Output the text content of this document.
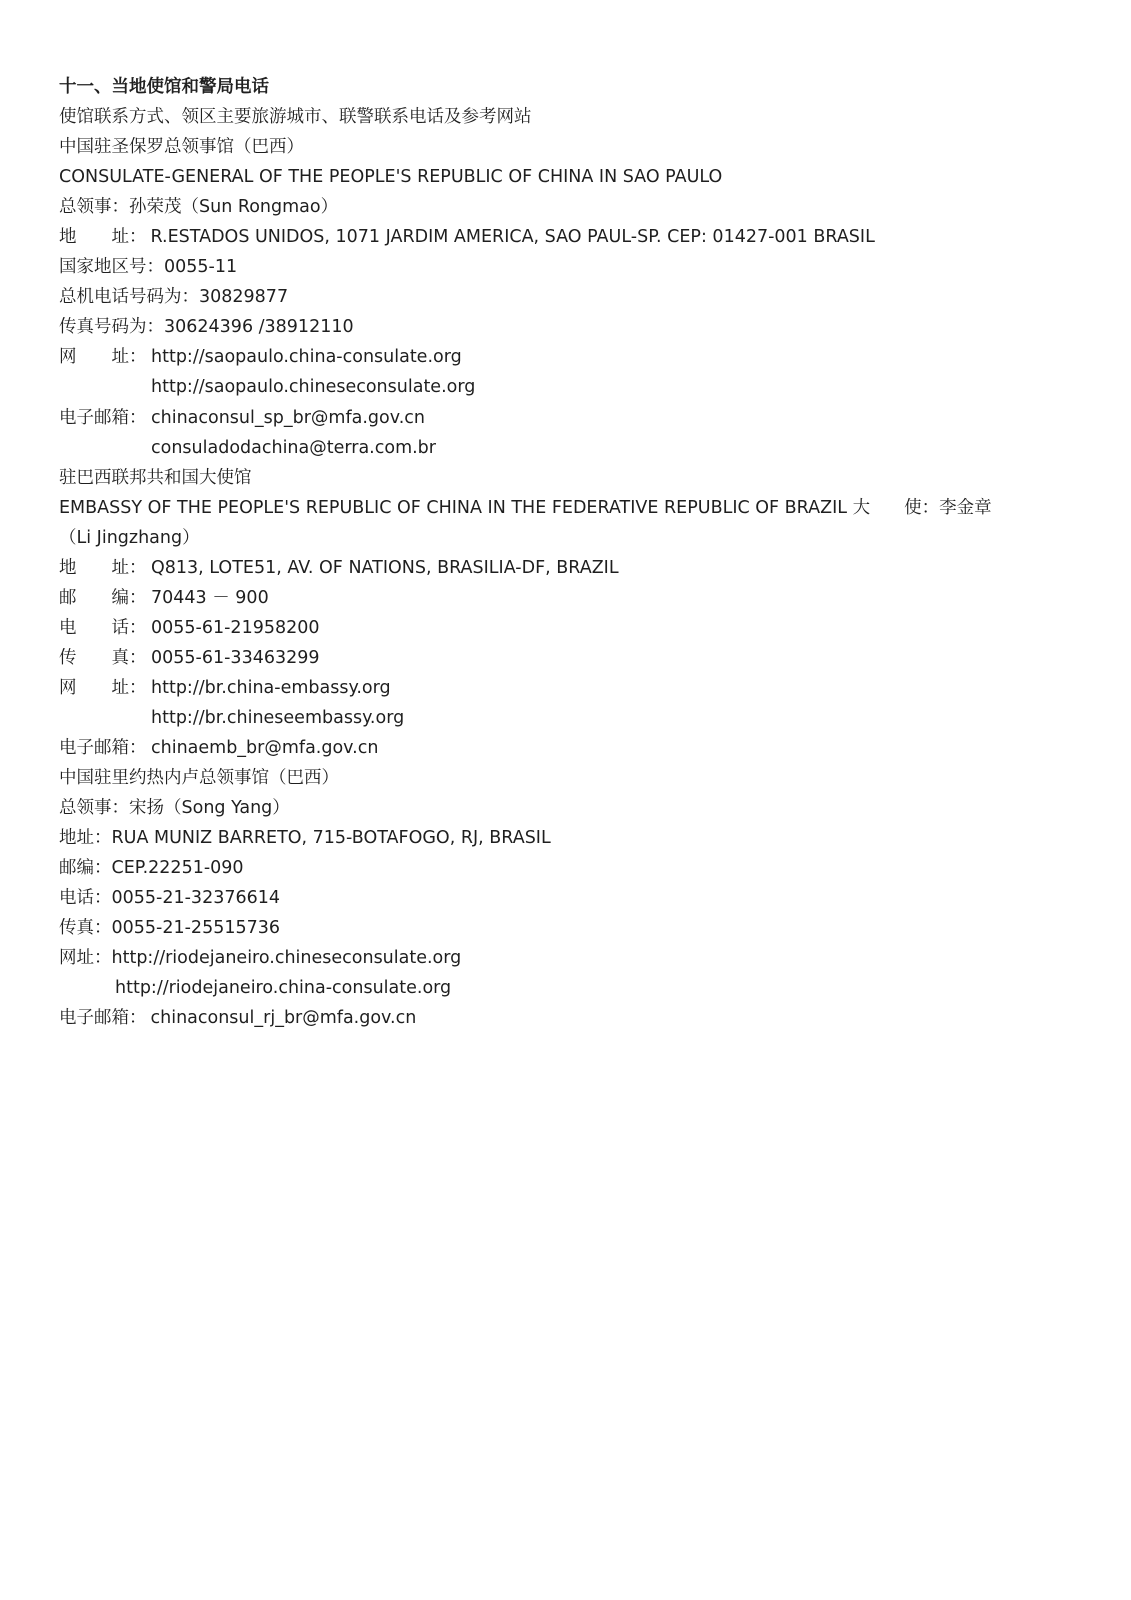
十一、当地使馆和警局电话
使馆联系方式、领区主要旅游城市、联警联系电话及参考网站
中国驻圣保罗总领事馆（巴西）
CONSULATE-GENERAL OF THE PEOPLE'S REPUBLIC OF CHINA IN SAO PAULO
总领事：孙荣茂（Sun Rongmao）
地　　址： R.ESTADOS UNIDOS, 1071 JARDIM AMERICA, SAO PAUL-SP. CEP: 01427-001 BRASIL
国家地区号：0055-11
总机电话号码为：30829877
传真号码为：30624396 /38912110
网　　址： http://saopaulo.china-consulate.org
http://saopaulo.chineseconsulate.org
电子邮箱： chinaconsul_sp_br@mfa.gov.cn
consuladodachina@terra.com.br
驻巴西联邦共和国大使馆
EMBASSY OF THE PEOPLE'S REPUBLIC OF CHINA IN THE FEDERATIVE REPUBLIC OF BRAZIL 大 使：李金章
（Li Jingzhang）
地　　址： Q813, LOTE51, AV. OF NATIONS, BRASILIA-DF, BRAZIL
邮　　编： 70443 － 900
电　　话： 0055-61-21958200
传　　真： 0055-61-33463299
网　　址： http://br.china-embassy.org
http://br.chineseembassy.org
电子邮箱： chinaemb_br@mfa.gov.cn
中国驻里约热内卢总领事馆（巴西）
总领事：宋扬（Song Yang）
地址：RUA MUNIZ BARRETO, 715-BOTAFOGO, RJ, BRASIL
邮编：CEP.22251-090
电话：0055-21-32376614
传真：0055-21-25515736
网址：http://riodejaneiro.chineseconsulate.org
http://riodejaneiro.china-consulate.org
电子邮箱： chinaconsul_rj_br@mfa.gov.cn
